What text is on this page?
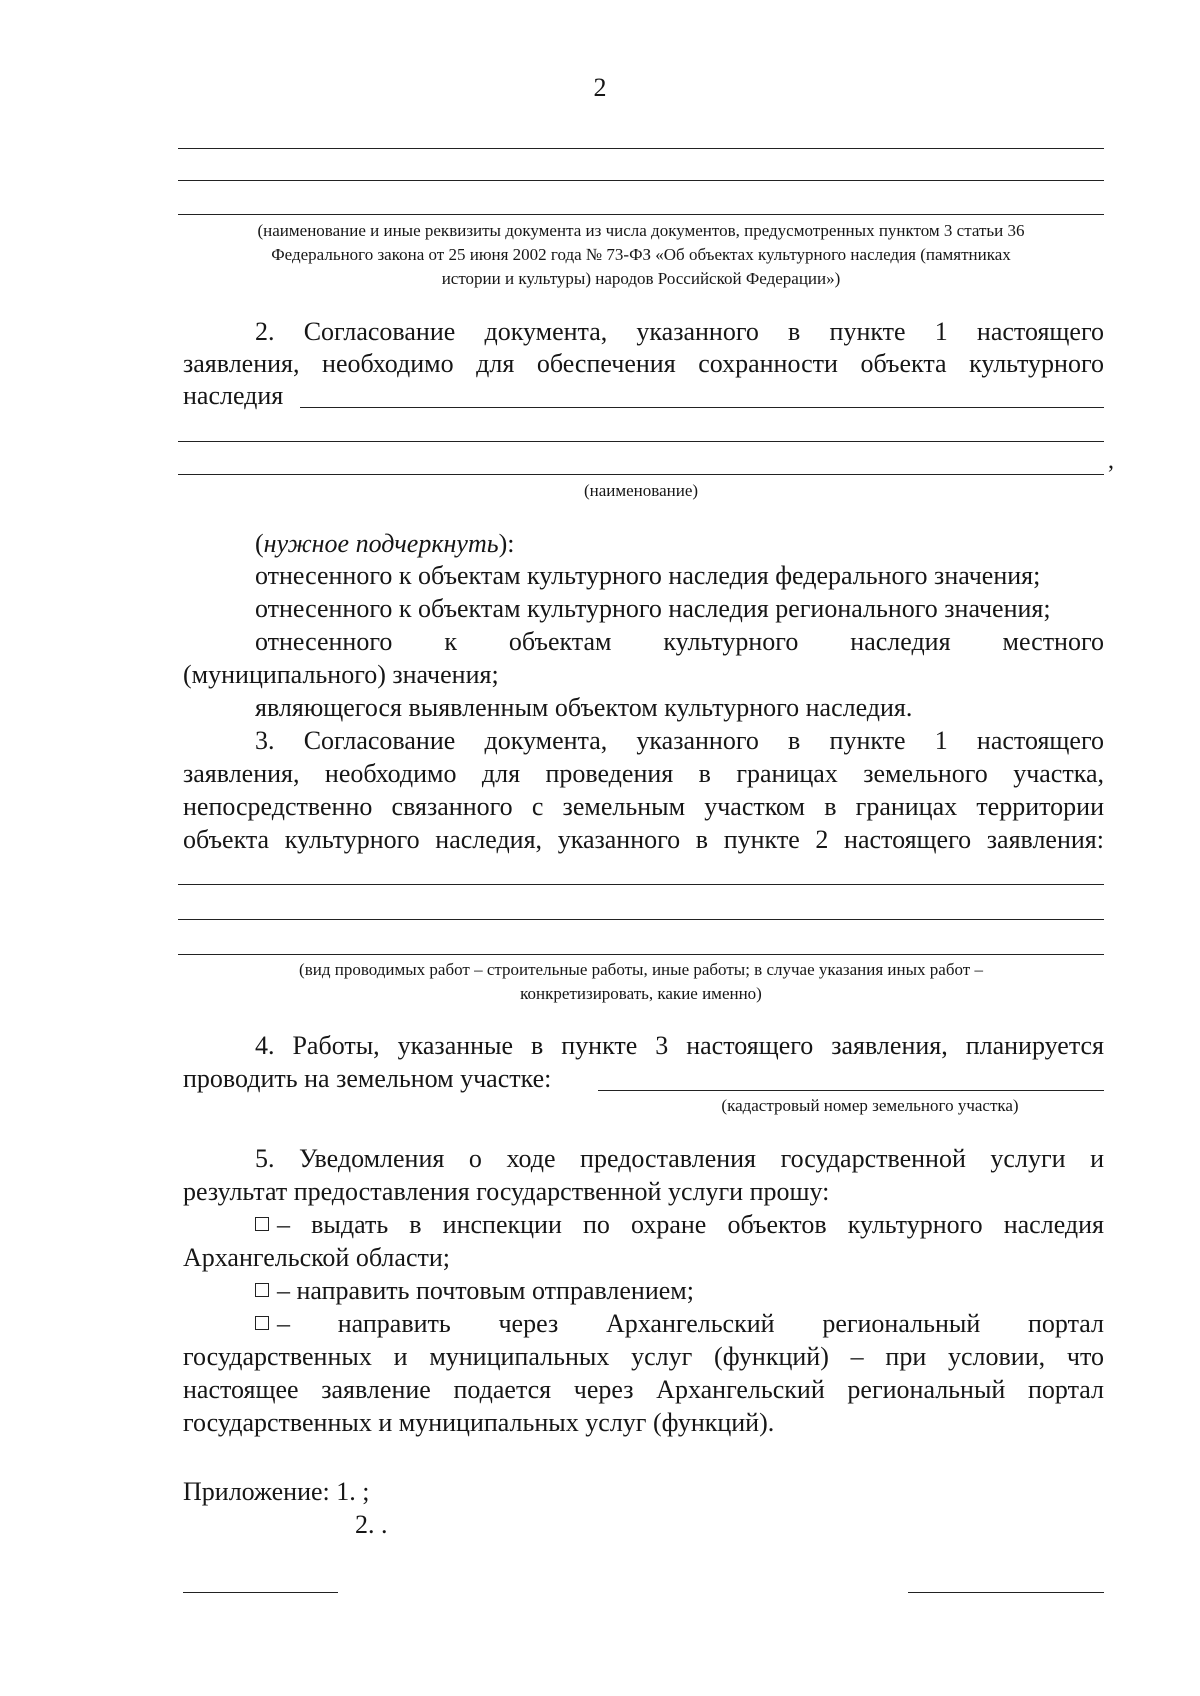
2
(наименование и иные реквизиты документа из числа документов, предусмотренных пунктом 3 статьи 36
Федерального закона от 25 июня 2002 года № 73-ФЗ «Об объектах культурного наследия (памятниках
истории и культуры) народов Российской Федерации»)
2. Согласование документа, указанного в пункте 1 настоящего
заявления, необходимо для обеспечения сохранности объекта культурного
наследия
,
(наименование)
(нужное подчеркнуть):
отнесенного к объектам культурного наследия федерального значения;
отнесенного к объектам культурного наследия регионального значения;
отнесенного к объектам культурного наследия местного
(муниципального) значения;
являющегося выявленным объектом культурного наследия.
3. Согласование документа, указанного в пункте 1 настоящего
заявления, необходимо для проведения в границах земельного участка,
непосредственно связанного с земельным участком в границах территории
объекта культурного наследия, указанного в пункте 2 настоящего заявления:
(вид проводимых работ – строительные работы, иные работы; в случае указания иных работ –
конкретизировать, какие именно)
4. Работы, указанные в пункте 3 настоящего заявления, планируется
проводить на земельном участке:
(кадастровый номер земельного участка)
5. Уведомления о ходе предоставления государственной услуги и
результат предоставления государственной услуги прошу:
– выдать в инспекции по охране объектов культурного наследия
Архангельской области;
– направить почтовым отправлением;
– направить через Архангельский региональный портал
государственных и муниципальных услуг (функций) – при условии, что
настоящее заявление подается через Архангельский региональный портал
государственных и муниципальных услуг (функций).
Приложение: 1. ;
2. .
